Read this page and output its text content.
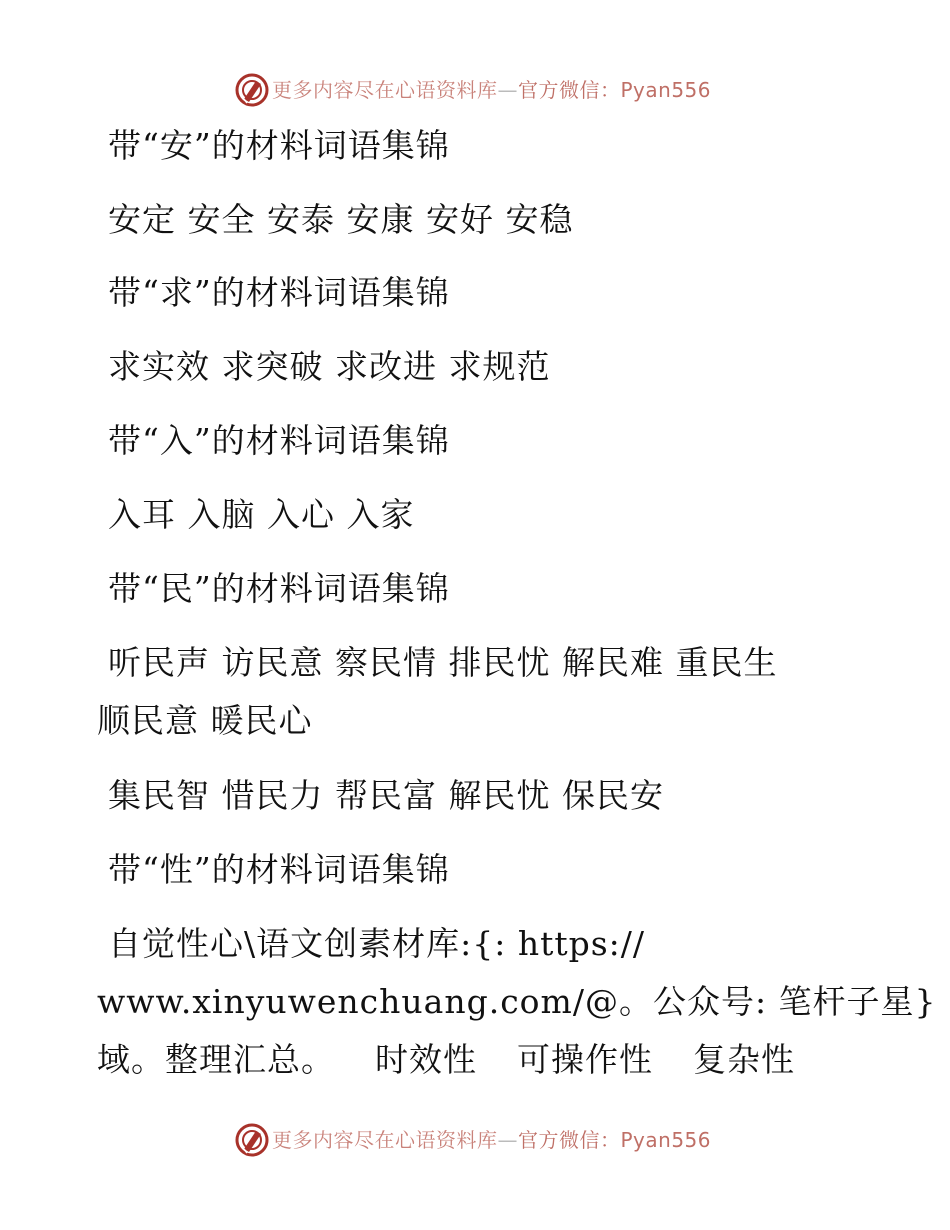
更多内容尽在心语资料库—官方微信：Pyan556
带“安”的材料词语集锦
安定 安全 安泰 安康 安好 安稳
带“求”的材料词语集锦
求实效 求突破 求改进 求规范
带“入”的材料词语集锦
入耳 入脑 入心 入家
带“民”的材料词语集锦
听民声 访民意 察民情 排民忧 解民难 重民生
顺民意 暖民心
集民智 惜民力 帮民富 解民忧 保民安
带“性”的材料词语集锦
自觉性心\语文创素材库:{: https://
www.xinyuwenchuang.com/@。公众号: 笔杆子星}
域。整理汇总。 时效性 可操作性 复杂性
更多内容尽在心语资料库—官方微信：Pyan556
